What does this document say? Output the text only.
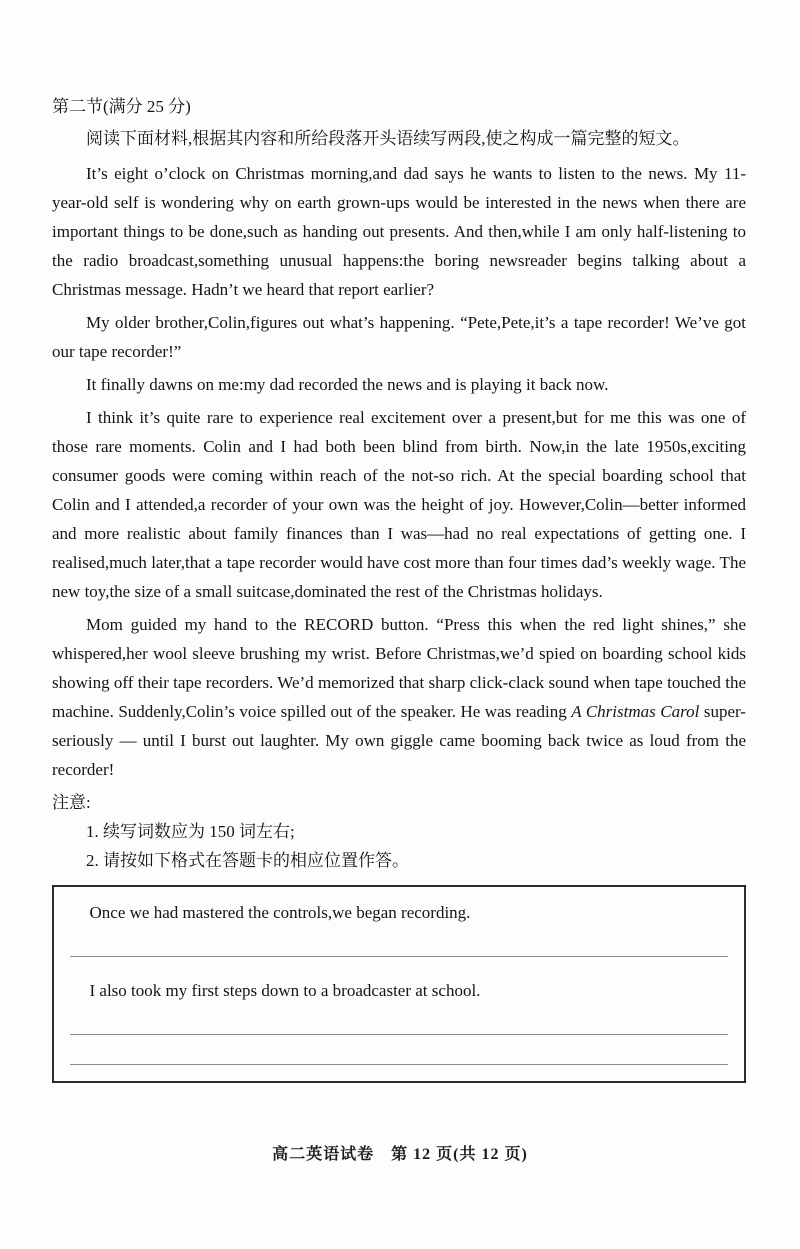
第二节(满分 25 分)

阅读下面材料,根据其内容和所给段落开头语续写两段,使之构成一篇完整的短文。

It’s eight o’clock on Christmas morning,and dad says he wants to listen to the news. My 11-year-old self is wondering why on earth grown-ups would be interested in the news when there are important things to be done,such as handing out presents. And then,while I am only half-listening to the radio broadcast,something unusual happens:the boring newsreader begins talking about a Christmas message. Hadn’t we heard that report earlier?

My older brother,Colin,figures out what’s happening. “Pete,Pete,it’s a tape recorder! We’ve got our tape recorder!”

It finally dawns on me:my dad recorded the news and is playing it back now.

I think it’s quite rare to experience real excitement over a present,but for me this was one of those rare moments. Colin and I had both been blind from birth. Now,in the late 1950s,exciting consumer goods were coming within reach of the not-so rich. At the special boarding school that Colin and I attended,a recorder of your own was the height of joy. However,Colin—better informed and more realistic about family finances than I was—had no real expectations of getting one. I realised,much later,that a tape recorder would have cost more than four times dad’s weekly wage. The new toy,the size of a small suitcase,dominated the rest of the Christmas holidays.

Mom guided my hand to the RECORD button. “Press this when the red light shines,” she whispered,her wool sleeve brushing my wrist. Before Christmas,we’d spied on boarding school kids showing off their tape recorders. We’d memorized that sharp click-clack sound when tape touched the machine. Suddenly,Colin’s voice spilled out of the speaker. He was reading A Christmas Carol super-seriously — until I burst out laughter. My own giggle came booming back twice as loud from the recorder!

注意:

1. 续写词数应为 150 词左右;

2. 请按如下格式在答题卡的相应位置作答。

Once we had mastered the controls,we began recording.

I also took my first steps down to a broadcaster at school.

高二英语试卷　第 12 页(共 12 页)
